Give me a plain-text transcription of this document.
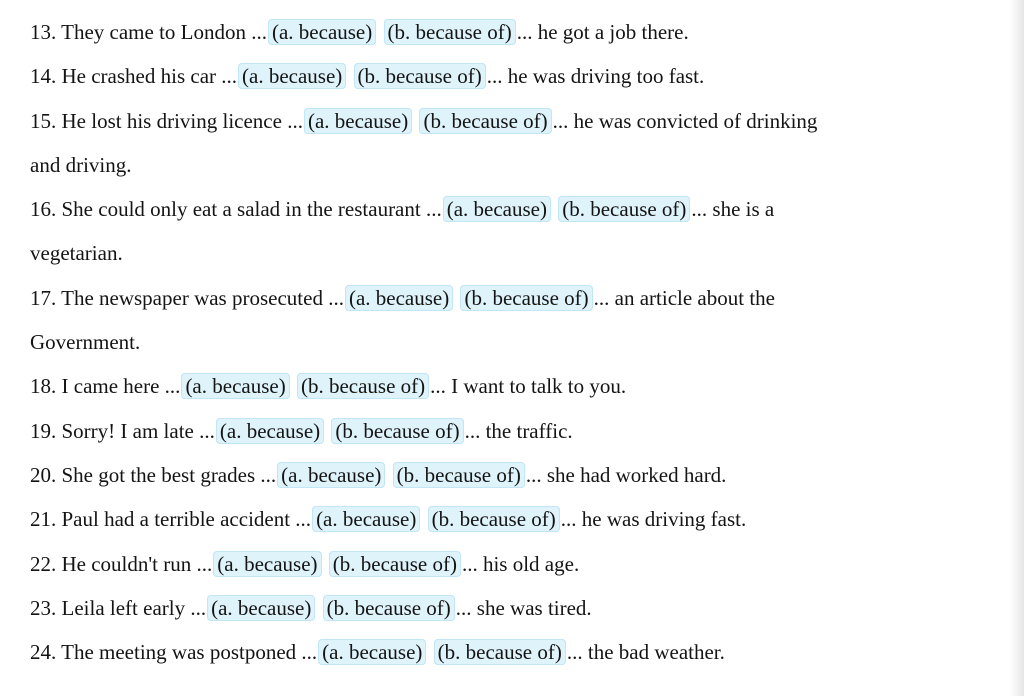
13. They came to London ... (a. because) (b. because of) ... he got a job there.
14. He crashed his car ... (a. because) (b. because of) ... he was driving too fast.
15. He lost his driving licence ... (a. because) (b. because of) ... he was convicted of drinking
and driving.
16. She could only eat a salad in the restaurant ... (a. because) (b. because of) ... she is a
vegetarian.
17. The newspaper was prosecuted ... (a. because) (b. because of) ... an article about the
Government.
18. I came here ... (a. because) (b. because of) ... I want to talk to you.
19. Sorry! I am late ... (a. because) (b. because of) ... the traffic.
20. She got the best grades ... (a. because) (b. because of) ... she had worked hard.
21. Paul had a terrible accident ... (a. because) (b. because of) ... he was driving fast.
22. He couldn't run ... (a. because) (b. because of) ... his old age.
23. Leila left early ... (a. because) (b. because of) ... she was tired.
24. The meeting was postponed ... (a. because) (b. because of) ... the bad weather.
